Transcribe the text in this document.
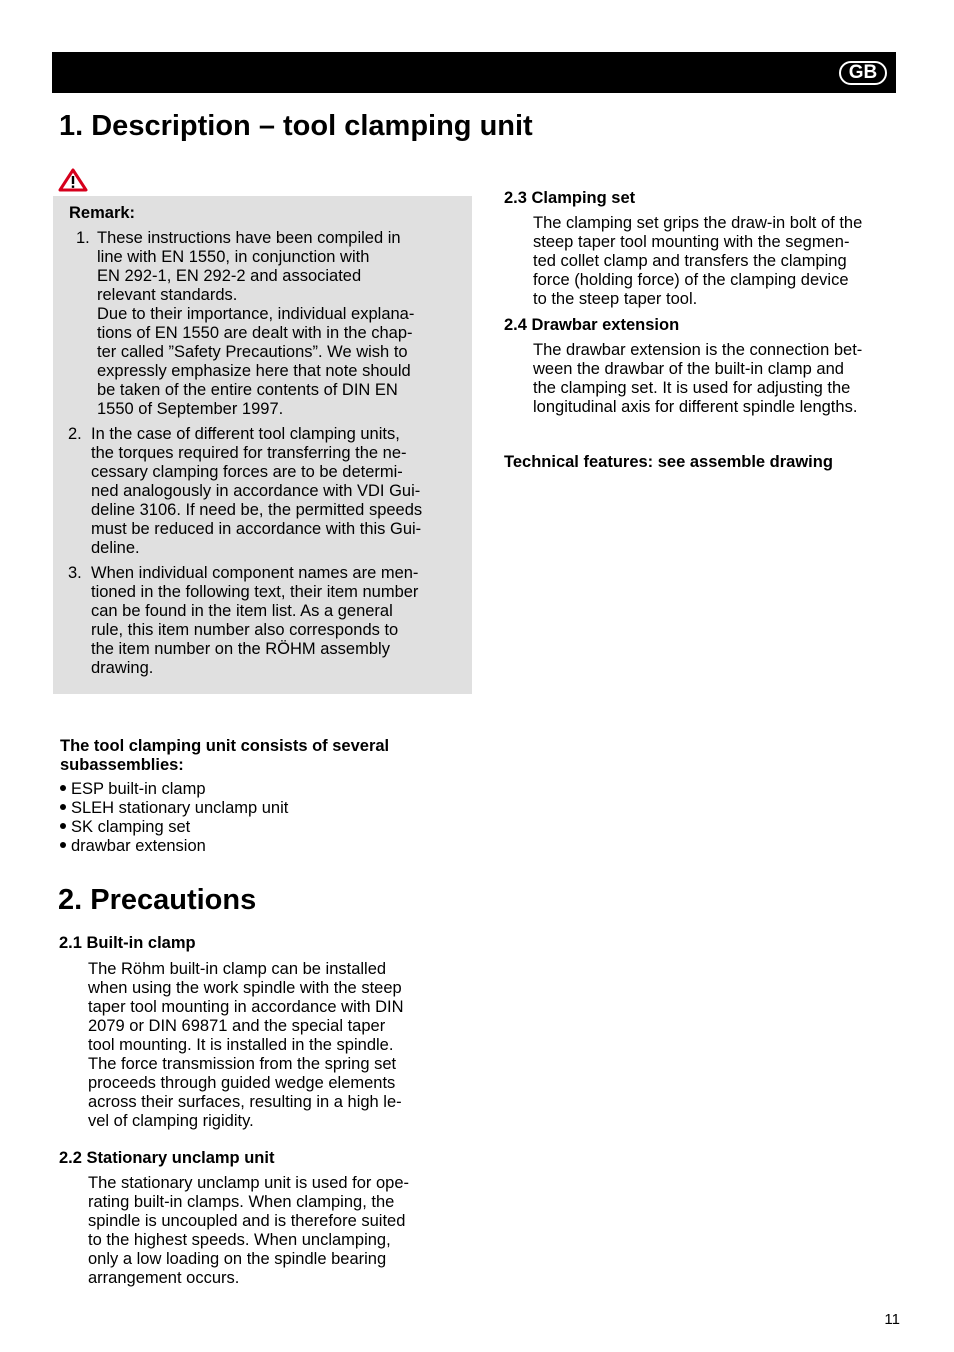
GB
1. Description – tool clamping unit
Remark:
1. These instructions have been compiled in
line with EN 1550, in conjunction with
EN 292-1, EN 292-2 and associated
relevant standards.
Due to their importance, individual explana-
tions of EN 1550 are dealt with in the chap-
ter called ”Safety Precautions”. We wish to
expressly emphasize here that note should
be taken of the entire contents of DIN EN
1550 of September 1997.
2. In the case of different tool clamping units,
the torques required for transferring the ne-
cessary clamping forces are to be determi-
ned analogously in accordance with VDI Gui-
deline 3106. If need be, the permitted speeds
must be reduced in accordance with this Gui-
deline.
3. When individual component names are men-
tioned in the following text, their item number
can be found in the item list. As a general
rule, this item number also corresponds to
the item number on the RÖHM assembly
drawing.
The tool clamping unit consists of several
subassemblies:
ESP built-in clamp
SLEH stationary unclamp unit
SK clamping set
drawbar extension
2. Precautions
2.1 Built-in clamp
The Röhm built-in clamp can be installed
when using the work spindle with the steep
taper tool mounting in accordance with DIN
2079 or DIN 69871 and the special taper
tool mounting. It is installed in the spindle.
The force transmission from the spring set
proceeds through guided wedge elements
across their surfaces, resulting in a high le-
vel of clamping rigidity.
2.2 Stationary unclamp unit
The stationary unclamp unit is used for ope-
rating built-in clamps. When clamping, the
spindle is uncoupled and is therefore suited
to the highest speeds. When unclamping,
only a low loading on the spindle bearing
arrangement occurs.
2.3 Clamping set
The clamping set grips the draw-in bolt of the
steep taper tool mounting with the segmen-
ted collet clamp and transfers the clamping
force (holding force) of the clamping device
to the steep taper tool.
2.4 Drawbar extension
The drawbar extension is the connection bet-
ween the drawbar of the built-in clamp and
the clamping set. It is used for adjusting the
longitudinal axis for different spindle lengths.
Technical features: see assemble drawing
11
